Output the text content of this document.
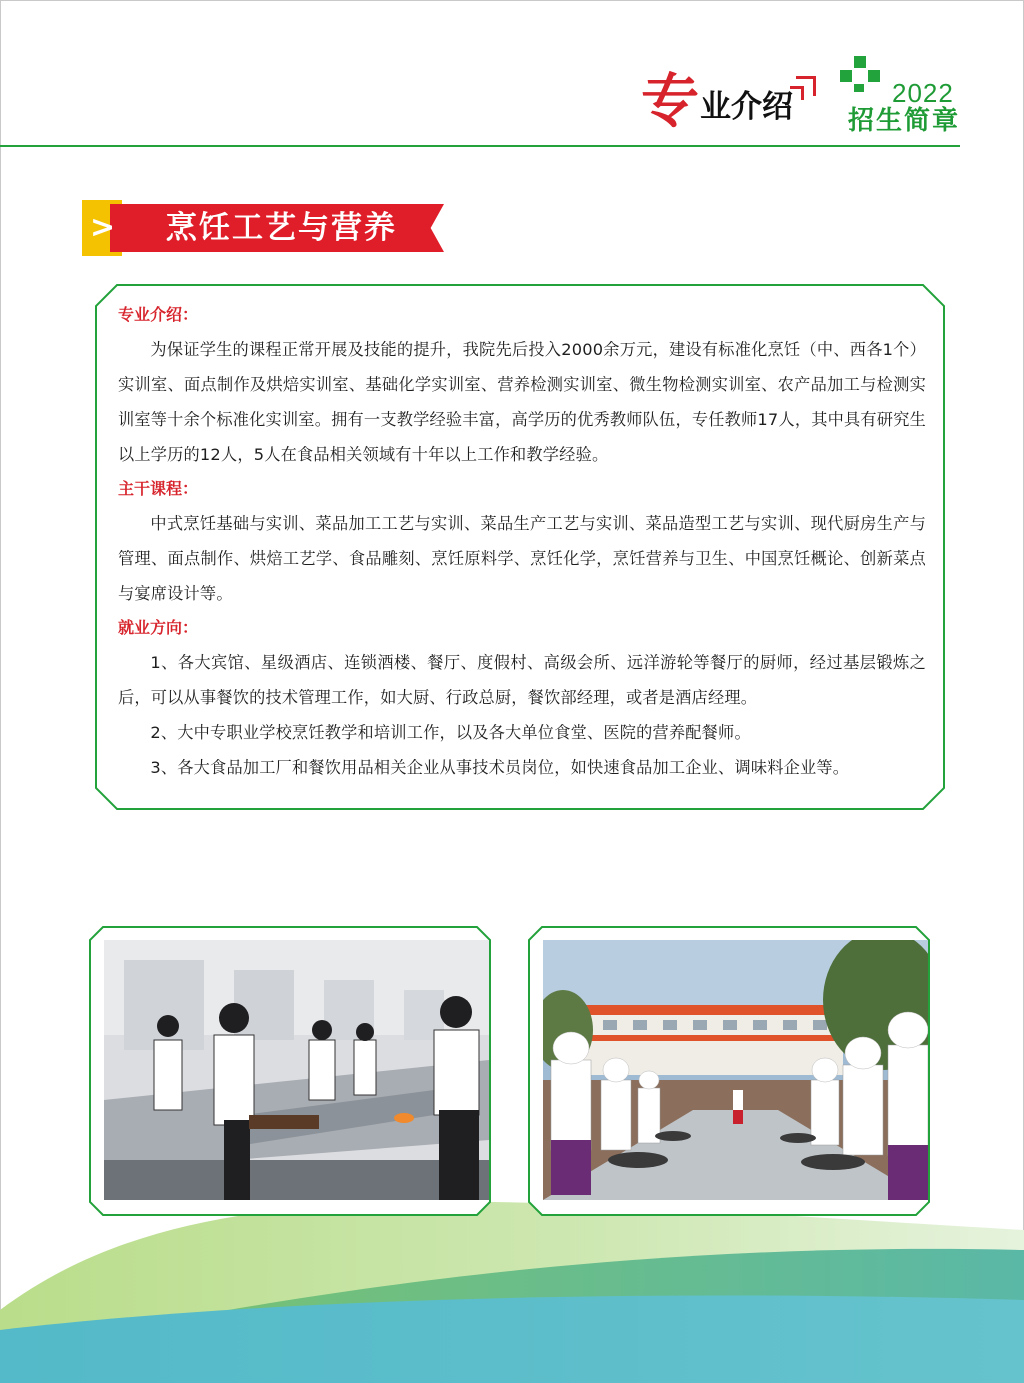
专
业介绍	2022
招生简章
> 烹饪工艺与营养
专业介绍：
为保证学生的课程正常开展及技能的提升，我院先后投入2000余万元，建设有标准化烹饪（中、西各1个）实训室、面点制作及烘焙实训室、基础化学实训室、营养检测实训室、微生物检测实训室、农产品加工与检测实训室等十余个标准化实训室。拥有一支教学经验丰富，高学历的优秀教师队伍，专任教师17人，其中具有研究生以上学历的12人，5人在食品相关领域有十年以上工作和教学经验。
主干课程：
中式烹饪基础与实训、菜品加工工艺与实训、菜品生产工艺与实训、菜品造型工艺与实训、现代厨房生产与管理、面点制作、烘焙工艺学、食品雕刻、烹饪原料学、烹饪化学，烹饪营养与卫生、中国烹饪概论、创新菜点与宴席设计等。
就业方向：
1、各大宾馆、星级酒店、连锁酒楼、餐厅、度假村、高级会所、远洋游轮等餐厅的厨师，经过基层锻炼之后，可以从事餐饮的技术管理工作，如大厨、行政总厨，餐饮部经理，或者是酒店经理。
2、大中专职业学校烹饪教学和培训工作，以及各大单位食堂、医院的营养配餐师。
3、各大食品加工厂和餐饮用品相关企业从事技术员岗位，如快速食品加工企业、调味料企业等。
